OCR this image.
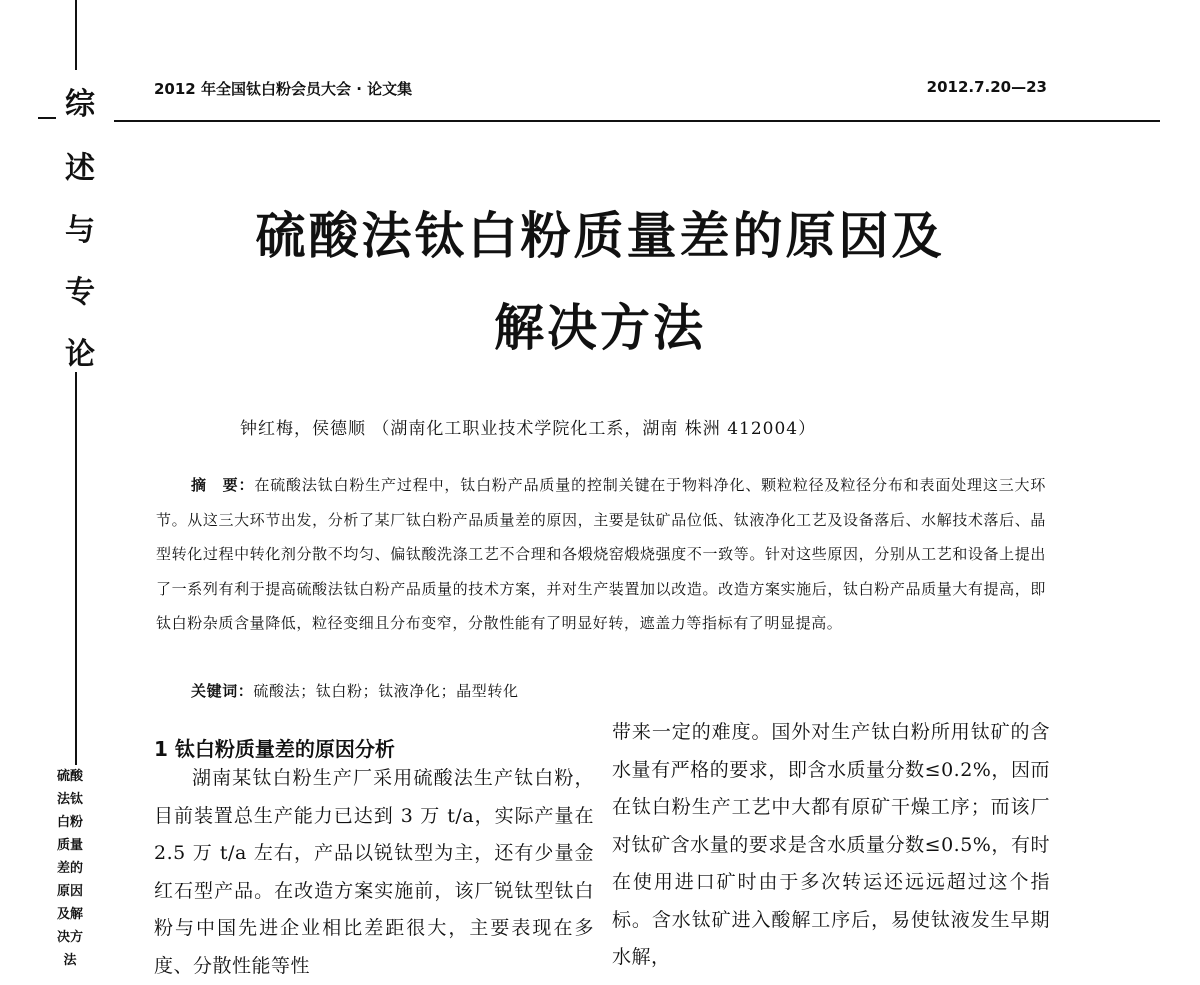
综
述
与
专
论
硫酸法钛白粉质量差的原因及解决方法
2012 年全国钛白粉会员大会 · 论文集	2012.7.20—23
硫酸法钛白粉质量差的原因及
解决方法
钟红梅，侯德顺 （湖南化工职业技术学院化工系，湖南 株洲 412004）
摘　要：在硫酸法钛白粉生产过程中，钛白粉产品质量的控制关键在于物料净化、颗粒粒径及粒径分布和表面处理这三大环节。从这三大环节出发，分析了某厂钛白粉产品质量差的原因，主要是钛矿品位低、钛液净化工艺及设备落后、水解技术落后、晶型转化过程中转化剂分散不均匀、偏钛酸洗涤工艺不合理和各煅烧窑煅烧强度不一致等。针对这些原因，分别从工艺和设备上提出了一系列有利于提高硫酸法钛白粉产品质量的技术方案，并对生产装置加以改造。改造方案实施后，钛白粉产品质量大有提高，即钛白粉杂质含量降低，粒径变细且分布变窄，分散性能有了明显好转，遮盖力等指标有了明显提高。
关键词：硫酸法；钛白粉；钛液净化；晶型转化
1 钛白粉质量差的原因分析
湖南某钛白粉生产厂采用硫酸法生产钛白粉，目前装置总生产能力已达到 3 万 t/a，实际产量在 2.5 万 t/a 左右，产品以锐钛型为主，还有少量金红石型产品。在改造方案实施前，该厂锐钛型钛白粉与中国先进企业相比差距很大，主要表现在多度、分散性能等性
带来一定的难度。国外对生产钛白粉所用钛矿的含水量有严格的要求，即含水质量分数≤0.2%，因而在钛白粉生产工艺中大都有原矿干燥工序；而该厂对钛矿含水量的要求是含水质量分数≤0.5%，有时在使用进口矿时由于多次转运还远远超过这个指标。含水钛矿进入酸解工序后，易使钛液发生早期水解，
